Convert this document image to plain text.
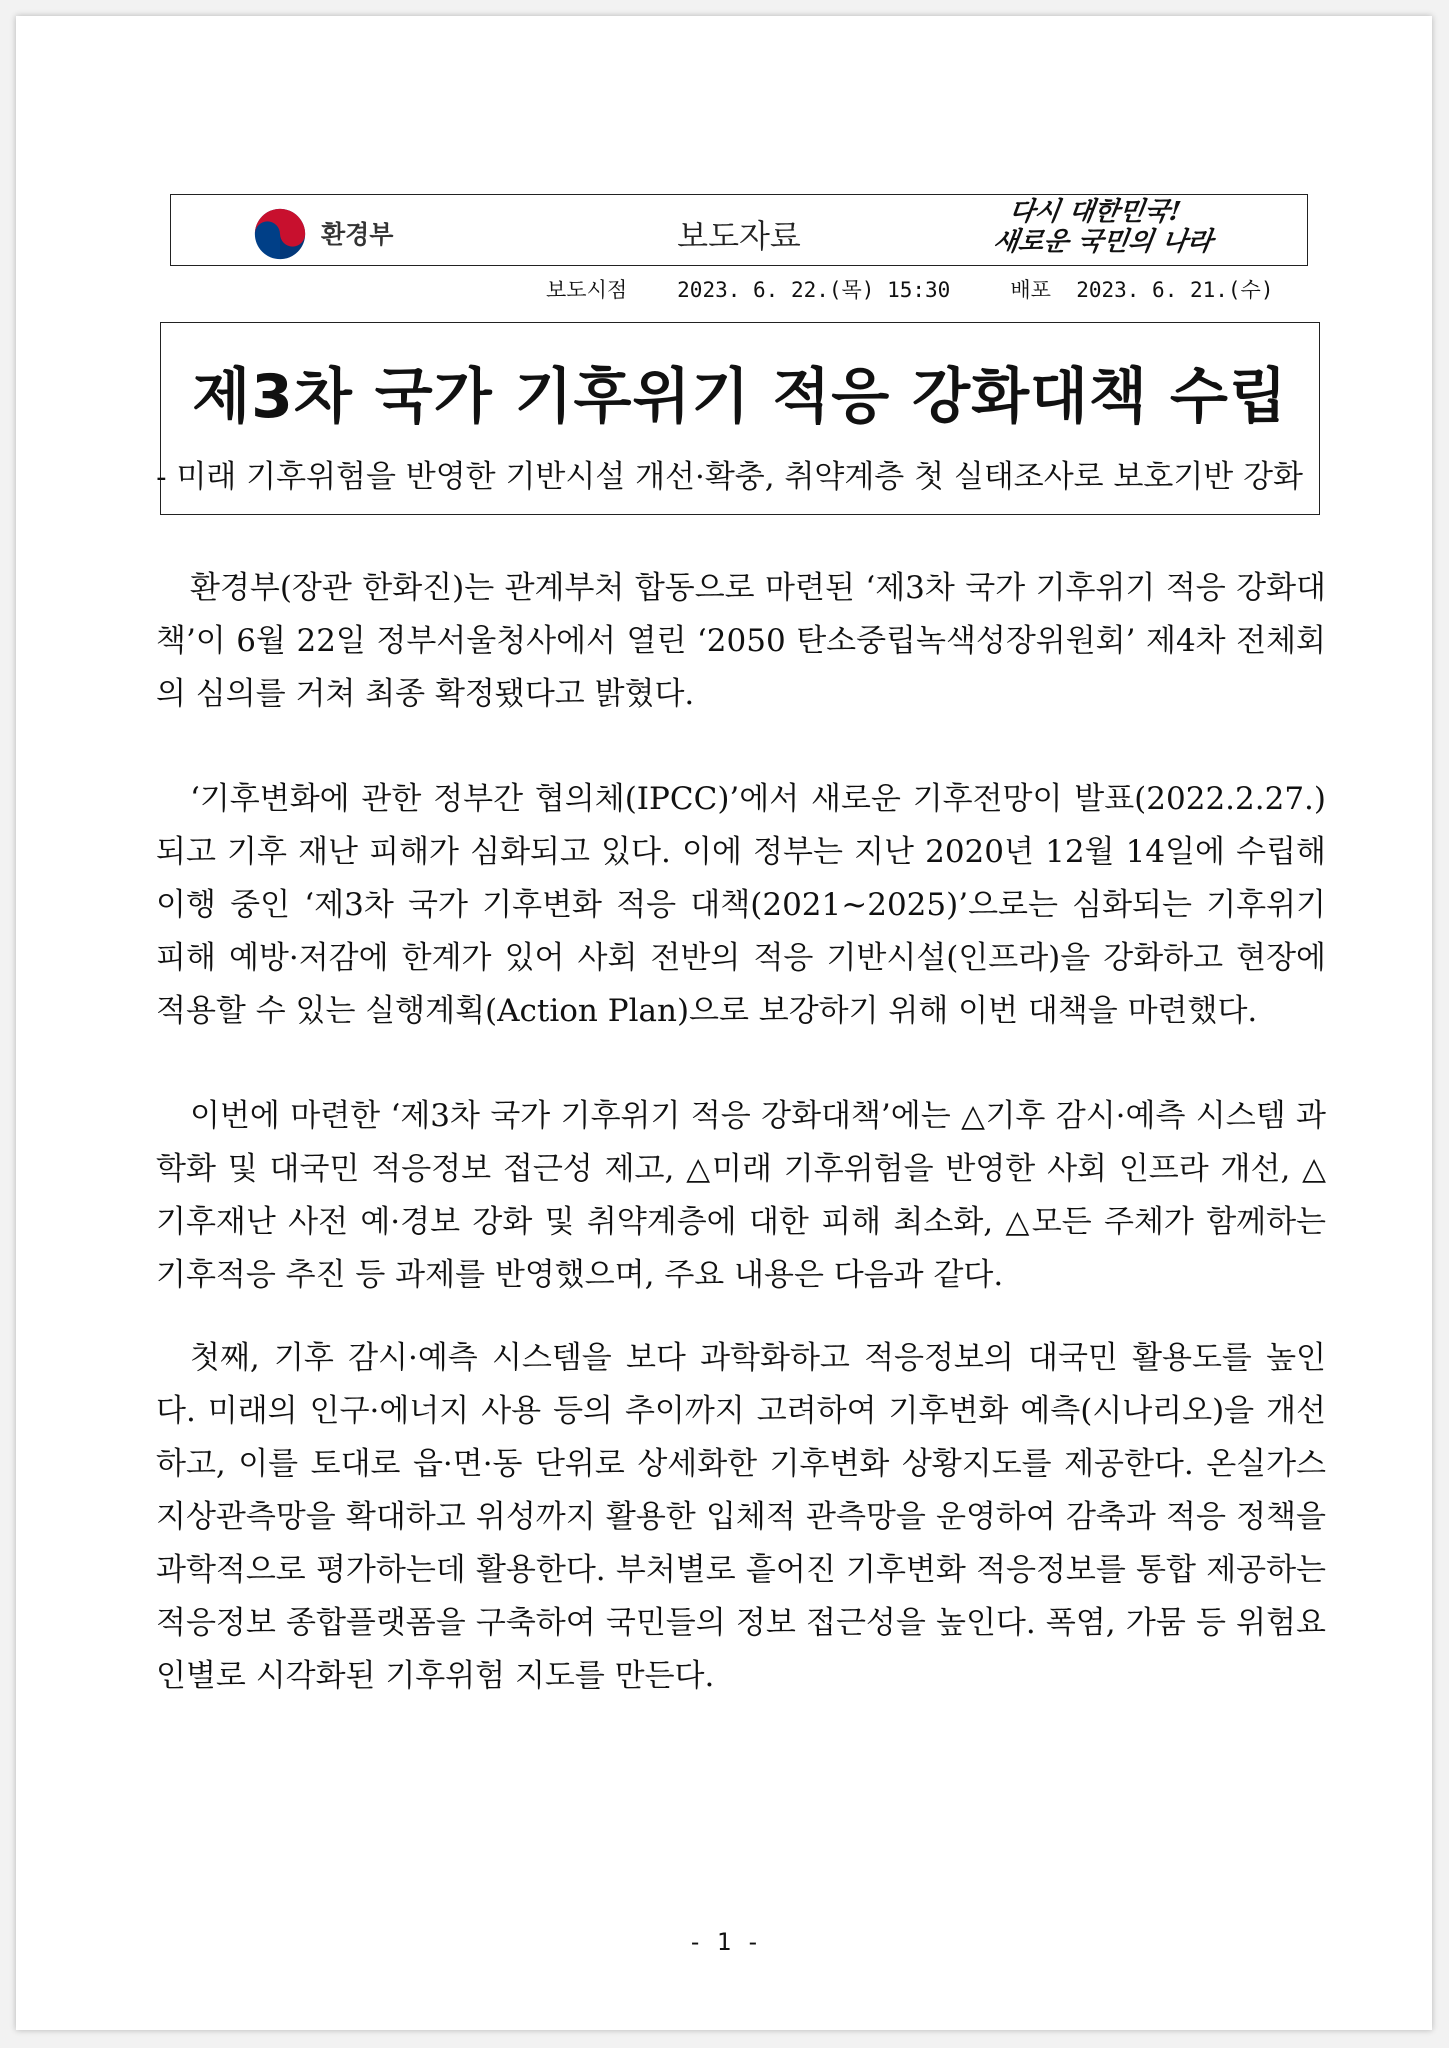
환경부	보도자료
다시 대한민국!
새로운 국민의 나라
보도시점 2023. 6. 22.(목) 15:30	배포 2023. 6. 21.(수)
제3차 국가 기후위기 적응 강화대책 수립
- 미래 기후위험을 반영한 기반시설 개선·확충, 취약계층 첫 실태조사로 보호기반 강화

환경부(장관 한화진)는 관계부처 합동으로 마련된 ‘제3차 국가 기후위기 적응 강화대책’이 6월 22일 정부서울청사에서 열린 ‘2050 탄소중립녹색성장위원회’ 제4차 전체회의 심의를 거쳐 최종 확정됐다고 밝혔다.

‘기후변화에 관한 정부간 협의체(IPCC)’에서 새로운 기후전망이 발표(2022.2.27.)되고 기후 재난 피해가 심화되고 있다. 이에 정부는 지난 2020년 12월 14일에 수립해 이행 중인 ‘제3차 국가 기후변화 적응 대책(2021~2025)’으로는 심화되는 기후위기 피해 예방·저감에 한계가 있어 사회 전반의 적응 기반시설(인프라)을 강화하고 현장에 적용할 수 있는 실행계획(Action Plan)으로 보강하기 위해 이번 대책을 마련했다.

이번에 마련한 ‘제3차 국가 기후위기 적응 강화대책’에는 △기후 감시·예측 시스템 과학화 및 대국민 적응정보 접근성 제고, △미래 기후위험을 반영한 사회 인프라 개선, △기후재난 사전 예·경보 강화 및 취약계층에 대한 피해 최소화, △모든 주체가 함께하는 기후적응 추진 등 과제를 반영했으며, 주요 내용은 다음과 같다.

첫째, 기후 감시·예측 시스템을 보다 과학화하고 적응정보의 대국민 활용도를 높인다. 미래의 인구·에너지 사용 등의 추이까지 고려하여 기후변화 예측(시나리오)을 개선하고, 이를 토대로 읍·면·동 단위로 상세화한 기후변화 상황지도를 제공한다. 온실가스 지상관측망을 확대하고 위성까지 활용한 입체적 관측망을 운영하여 감축과 적응 정책을 과학적으로 평가하는데 활용한다. 부처별로 흩어진 기후변화 적응정보를 통합 제공하는 적응정보 종합플랫폼을 구축하여 국민들의 정보 접근성을 높인다. 폭염, 가뭄 등 위험요인별로 시각화된 기후위험 지도를 만든다.

- 1 -
